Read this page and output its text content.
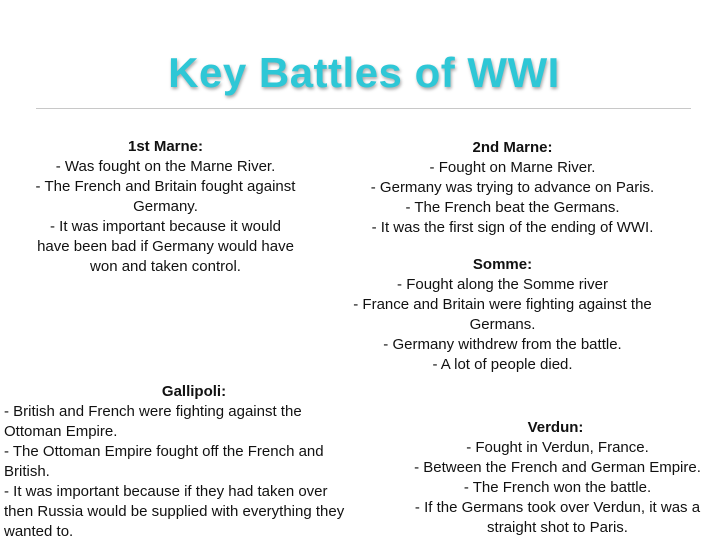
Key Battles of WWI
1st Marne:
- Was fought on the Marne River.
- The French and Britain fought against
Germany.
- It was important because it would
have been bad if Germany would have
won and taken control.
2nd Marne:
- Fought on Marne River.
- Germany was trying to advance on Paris.
- The French beat the Germans.
- It was the first sign of the ending of WWI.
Somme:
- Fought along the Somme river
- France and Britain were fighting against the
Germans.
- Germany withdrew from the battle.
- A lot of people died.
Gallipoli:
- British and French were fighting against the
Ottoman Empire.
- The Ottoman Empire fought off the French and
British.
- It was important because if they had taken over
then Russia would be supplied with everything they
wanted to.
Verdun:
- Fought in Verdun, France.
- Between the French and German Empire.
- The French won the battle.
- If the Germans took over Verdun, it was a
straight shot to Paris.
